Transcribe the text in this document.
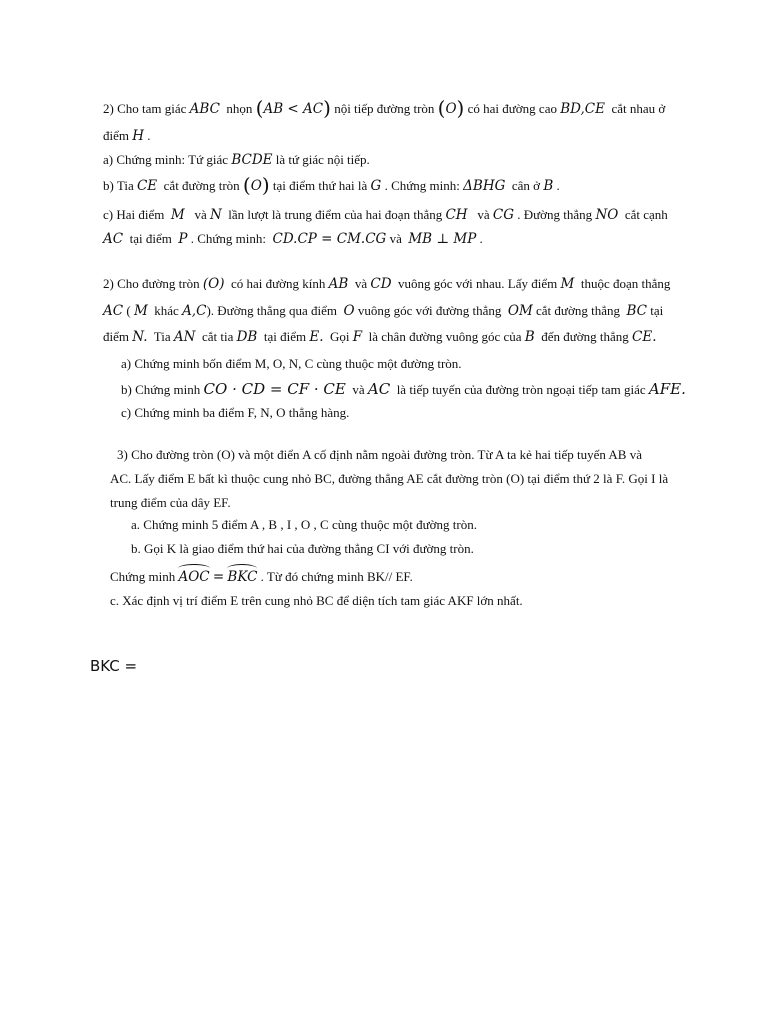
2) Cho tam giác ABC nhọn (AB < AC) nội tiếp đường tròn (O) có hai đường cao BD,CE cắt nhau ở
điểm H .
a) Chứng minh: Tứ giác BCDE là tứ giác nội tiếp.
b) Tia CE cắt đường tròn (O) tại điểm thứ hai là G . Chứng minh: ΔBHG cân ở B .
c) Hai điểm M và N lần lượt là trung điểm của hai đoạn thẳng CH và CG . Đường thẳng NO cắt cạnh
AC tại điểm P . Chứng minh: CD.CP = CM.CG và MB ⊥ MP .
2) Cho đường tròn (O) có hai đường kính AB và CD vuông góc với nhau. Lấy điểm M thuộc đoạn thẳng
AC ( M khác A,C). Đường thẳng qua điểm O vuông góc với đường thẳng OM cắt đường thẳng BC tại
điểm N. Tia AN cắt tia DB tại điểm E. Gọi F là chân đường vuông góc của B đến đường thẳng CE.
a) Chứng minh bốn điểm M, O, N, C cùng thuộc một đường tròn.
b) Chứng minh CO · CD = CF · CE và AC là tiếp tuyến của đường tròn ngoại tiếp tam giác AFE.
c) Chứng minh ba điểm F, N, O thẳng hàng.
3) Cho đường tròn (O) và một điển A cố định nằm ngoài đường tròn. Từ A ta kẻ hai tiếp tuyến AB và
AC. Lấy điểm E bất kì thuộc cung nhỏ BC, đường thẳng AE cắt đường tròn (O) tại điểm thứ 2 là F. Gọi I là
trung điểm của dây EF.
a. Chứng minh 5 điểm A , B , I , O , C cùng thuộc một đường tròn.
b. Gọi K là giao điểm thứ hai của đường thẳng CI với đường tròn.
Chứng minh AOC = BKC . Từ đó chứng minh BK// EF.
c. Xác định vị trí điểm E trên cung nhỏ BC để diện tích tam giác AKF lớn nhất.
BKC =
